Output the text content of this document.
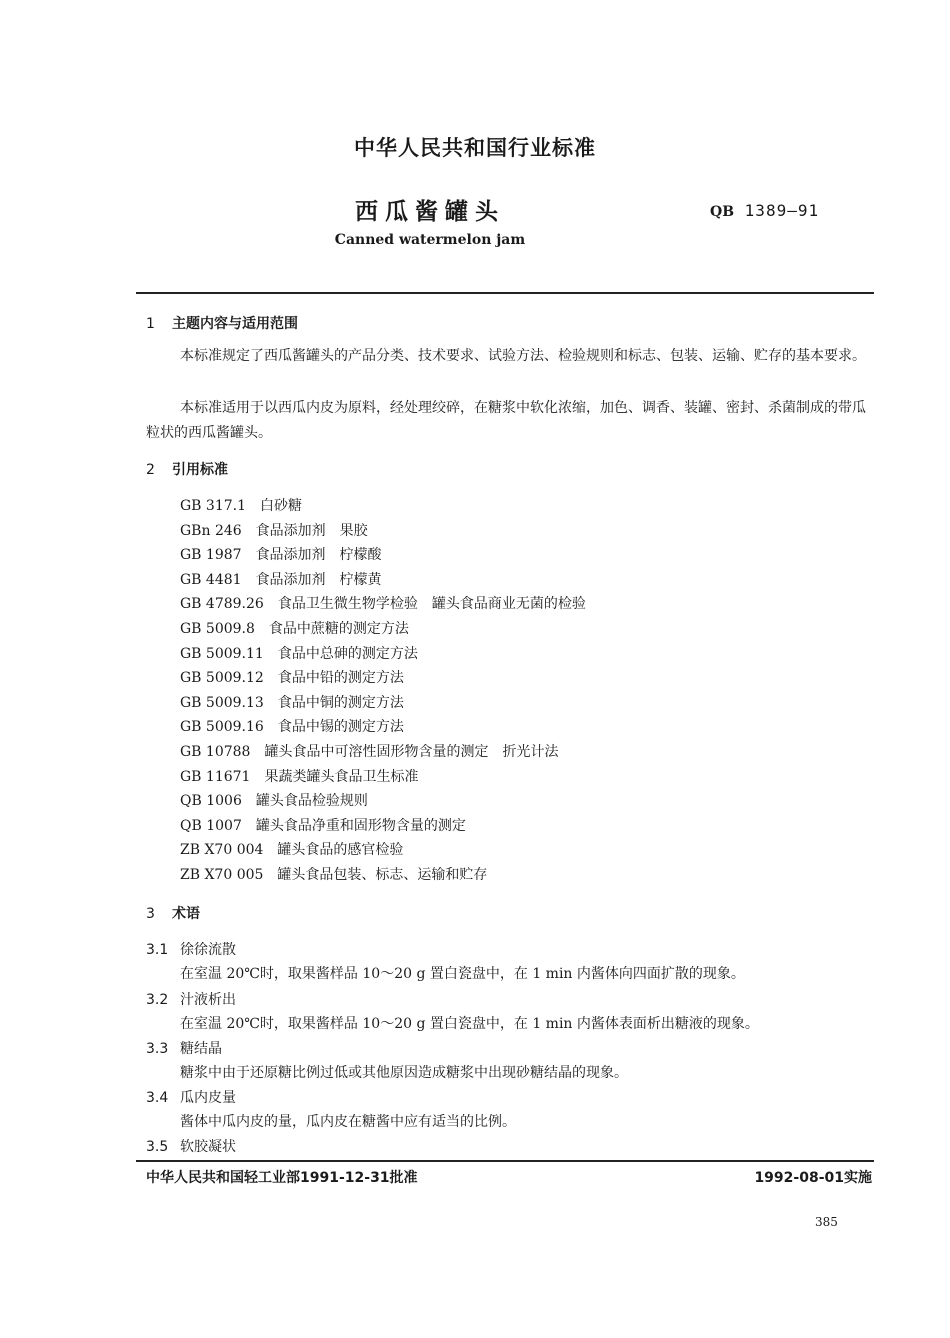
中华人民共和国行业标准
西瓜酱罐头	QB 1389—91
Canned watermelon jam
1 主题内容与适用范围
本标准规定了西瓜酱罐头的产品分类、技术要求、试验方法、检验规则和标志、包装、运输、贮存的基本要求。
本标准适用于以西瓜内皮为原料，经处理绞碎，在糖浆中软化浓缩，加色、调香、装罐、密封、杀菌制成的带瓜粒状的西瓜酱罐头。
2 引用标准
GB 317.1 白砂糖
GBn 246 食品添加剂　果胶
GB 1987 食品添加剂　柠檬酸
GB 4481 食品添加剂　柠檬黄
GB 4789.26 食品卫生微生物学检验　罐头食品商业无菌的检验
GB 5009.8 食品中蔗糖的测定方法
GB 5009.11 食品中总砷的测定方法
GB 5009.12 食品中铅的测定方法
GB 5009.13 食品中铜的测定方法
GB 5009.16 食品中锡的测定方法
GB 10788 罐头食品中可溶性固形物含量的测定　折光计法
GB 11671 果蔬类罐头食品卫生标准
QB 1006 罐头食品检验规则
QB 1007 罐头食品净重和固形物含量的测定
ZB X70 004 罐头食品的感官检验
ZB X70 005 罐头食品包装、标志、运输和贮存
3 术语
3.1 徐徐流散
在室温 20℃时，取果酱样品 10～20 g 置白瓷盘中，在 1 min 内酱体向四面扩散的现象。
3.2 汁液析出
在室温 20℃时，取果酱样品 10～20 g 置白瓷盘中，在 1 min 内酱体表面析出糖液的现象。
3.3 糖结晶
糖浆中由于还原糖比例过低或其他原因造成糖浆中出现砂糖结晶的现象。
3.4 瓜内皮量
酱体中瓜内皮的量，瓜内皮在糖酱中应有适当的比例。
3.5 软胶凝状
中华人民共和国轻工业部1991-12-31批准	1992-08-01实施
385
